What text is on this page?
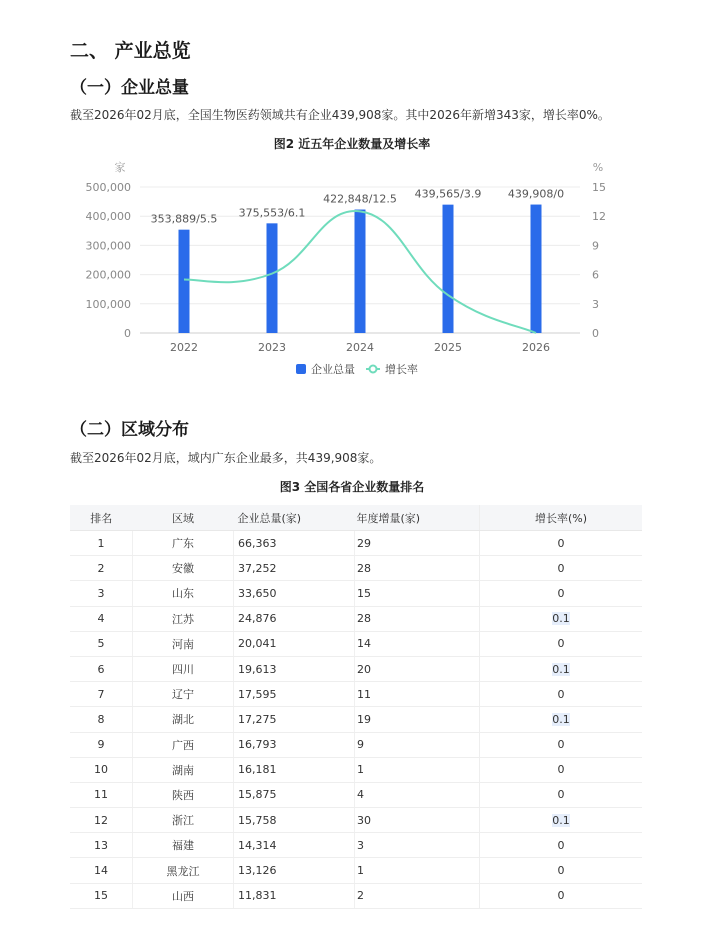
二、 产业总览
（一）企业总量
截至2026年02月底，全国生物医药领域共有企业439,908家。其中2026年新增343家，增长率0%。
图2 近五年企业数量及增长率
家	%
0
100,000
200,000
300,000
400,000
500,000
0
3
6
9
12
15
353,889/5.5
2022
375,553/6.1
2023
422,848/12.5
2024
439,565/3.9
2025
439,908/0
2026
企业总量	增长率
（二）区域分布
截至2026年02月底，域内广东企业最多，共439,908家。
图3 全国各省企业数量排名
排名	区域	企业总量(家)	年度增量(家)	增长率(%)
1	广东	66,363	29	0
2	安徽	37,252	28	0
3	山东	33,650	15	0
4	江苏	24,876	28	0.1
5	河南	20,041	14	0
6	四川	19,613	20	0.1
7	辽宁	17,595	11	0
8	湖北	17,275	19	0.1
9	广西	16,793	9	0
10	湖南	16,181	1	0
11	陕西	15,875	4	0
12	浙江	15,758	30	0.1
13	福建	14,314	3	0
14	黑龙江	13,126	1	0
15	山西	11,831	2	0
